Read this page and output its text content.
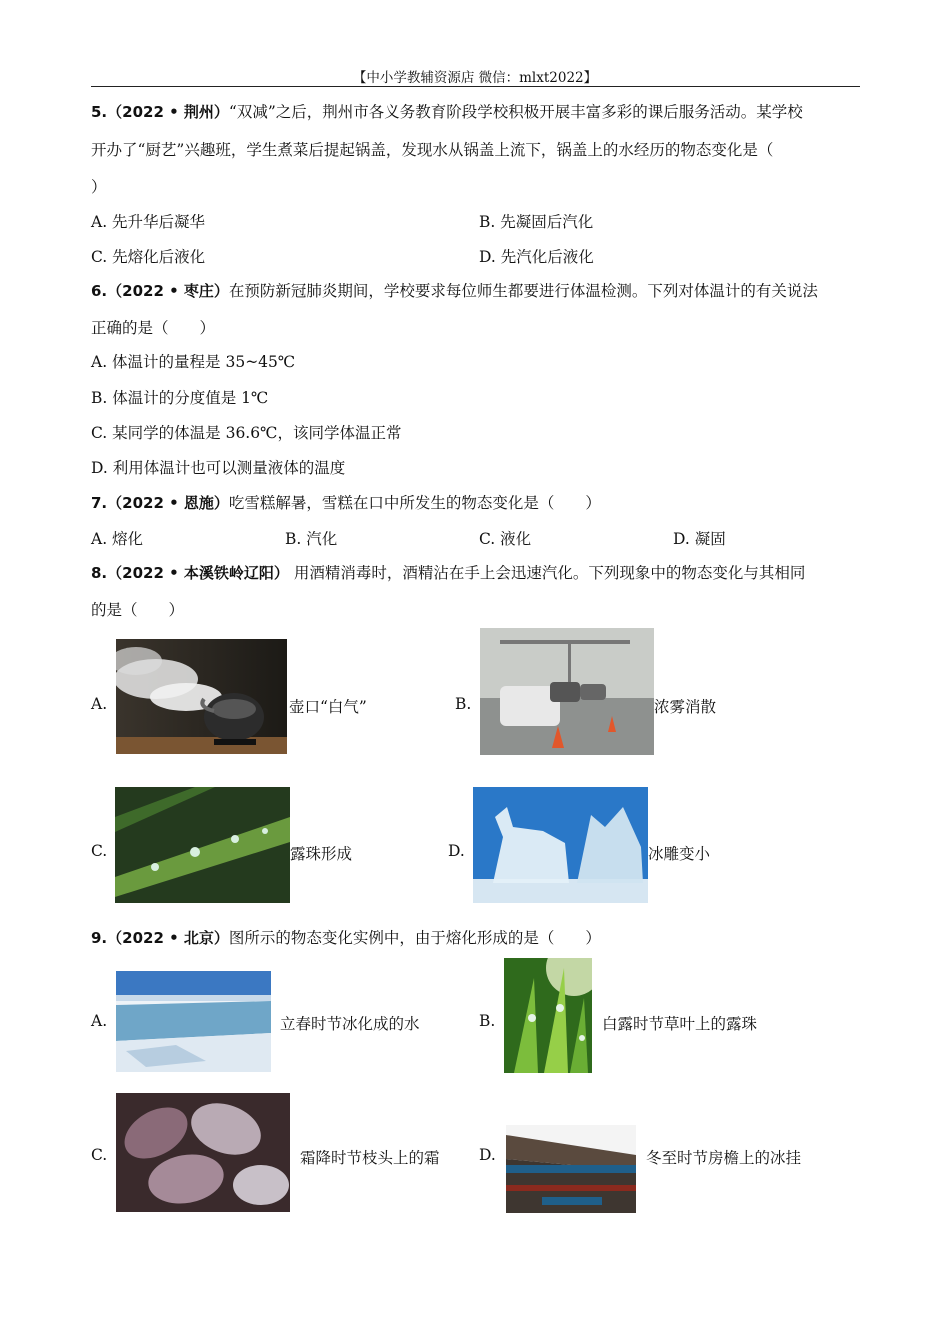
【中小学教辅资源店 微信：mlxt2022】
5.（2022 • 荆州）“双减”之后，荆州市各义务教育阶段学校积极开展丰富多彩的课后服务活动。某学校
开办了“厨艺”兴趣班，学生煮菜后提起锅盖，发现水从锅盖上流下，锅盖上的水经历的物态变化是（
）
A. 先升华后凝华	B. 先凝固后汽化
C. 先熔化后液化	D. 先汽化后液化
6.（2022 • 枣庄）在预防新冠肺炎期间，学校要求每位师生都要进行体温检测。下列对体温计的有关说法
正确的是（　　）
A. 体温计的量程是 35~45℃
B. 体温计的分度值是 1℃
C. 某同学的体温是 36.6℃，该同学体温正常
D. 利用体温计也可以测量液体的温度
7.（2022 • 恩施）吃雪糕解暑，雪糕在口中所发生的物态变化是（　　）
A. 熔化	B. 汽化	C. 液化	D. 凝固
8.（2022 • 本溪铁岭辽阳） 用酒精消毒时，酒精沾在手上会迅速汽化。下列现象中的物态变化与其相同
的是（　　）
A.	壶口“白气”	B.	浓雾消散
C.	露珠形成	D.	冰雕变小
9.（2022 • 北京）图所示的物态变化实例中，由于熔化形成的是（　　）
A.	立春时节冰化成的水	B.	白露时节草叶上的露珠
C.	霜降时节枝头上的霜	D.	冬至时节房檐上的冰挂
